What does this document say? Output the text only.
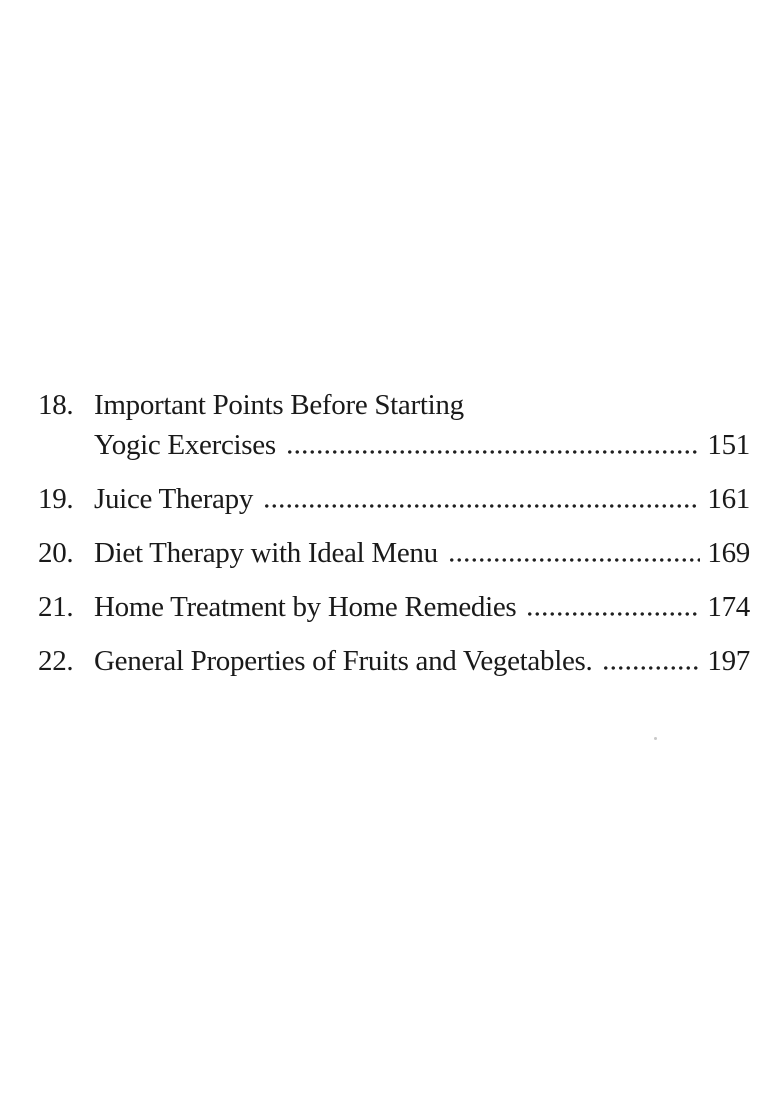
18. Important Points Before Starting
Yogic Exercises	151
19. Juice Therapy	161
20. Diet Therapy with Ideal Menu	169
21. Home Treatment by Home Remedies	174
22. General Properties of Fruits and Vegetables.	197
